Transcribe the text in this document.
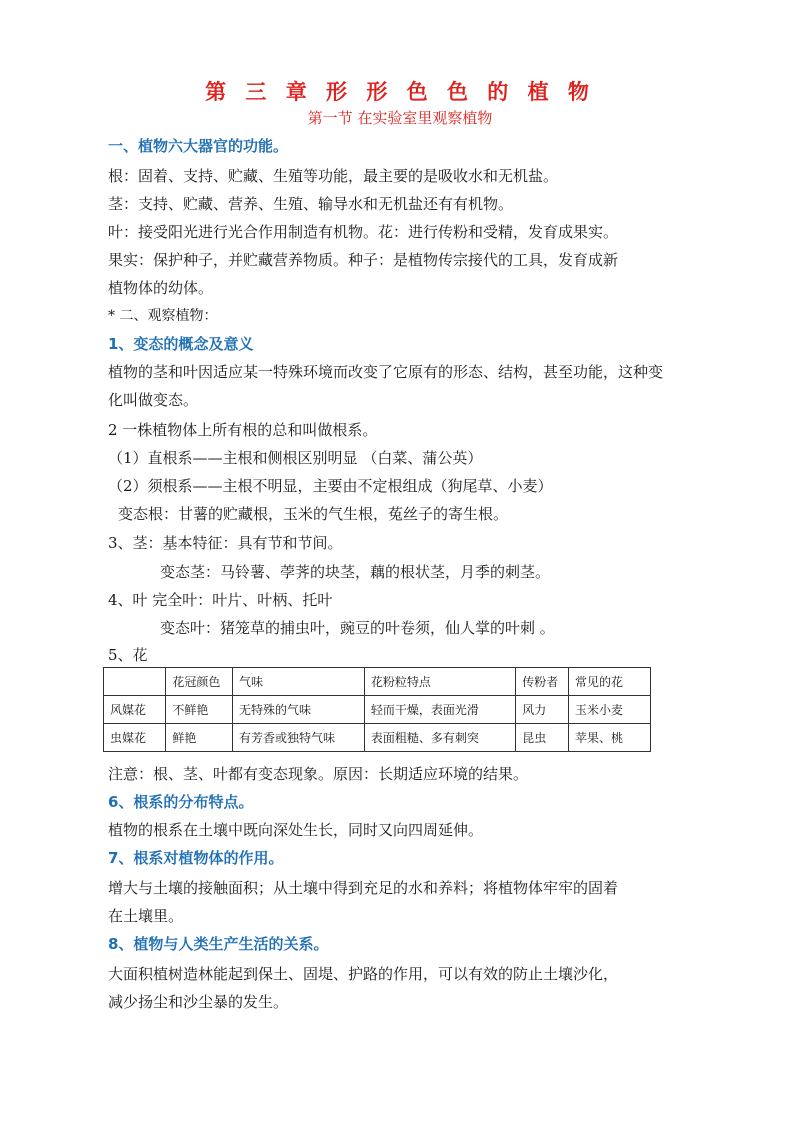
第 三 章 形 形 色 色 的 植 物

第一节 在实验室里观察植物

一、植物六大器官的功能。

根：固着、支持、贮藏、生殖等功能，最主要的是吸收水和无机盐。

茎：支持、贮藏、营养、生殖、输导水和无机盐还有有机物。

叶：接受阳光进行光合作用制造有机物。花：进行传粉和受精，发育成果实。

果实：保护种子，并贮藏营养物质。种子：是植物传宗接代的工具，发育成新

植物体的幼体。

* 二、观察植物：

1、变态的概念及意义

植物的茎和叶因适应某一特殊环境而改变了它原有的形态、结构，甚至功能，这种变

化叫做变态。

2 一株植物体上所有根的总和叫做根系。

（1）直根系——主根和侧根区别明显 （白菜、蒲公英）

（2）须根系——主根不明显，主要由不定根组成（狗尾草、小麦）

变态根：甘薯的贮藏根，玉米的气生根，菟丝子的寄生根。

3、茎：基本特征：具有节和节间。

变态茎：马铃薯、荸荠的块茎，藕的根状茎，月季的刺茎。

4、叶 完全叶：叶片、叶柄、托叶

变态叶：猪笼草的捕虫叶，豌豆的叶卷须，仙人掌的叶刺 。

5、花

	花冠颜色	气味	花粉粒特点	传粉者	常见的花
风媒花	不鲜艳	无特殊的气味	轻而干燥，表面光滑	风力	玉米小麦
虫媒花	鲜艳	有芳香或独特气味	表面粗糙、多有刺突	昆虫	苹果、桃

注意：根、茎、叶都有变态现象。原因：长期适应环境的结果。

6、根系的分布特点。

植物的根系在土壤中既向深处生长，同时又向四周延伸。

7、根系对植物体的作用。

增大与土壤的接触面积；从土壤中得到充足的水和养料；将植物体牢牢的固着

在土壤里。

8、植物与人类生产生活的关系。

大面积植树造林能起到保土、固堤、护路的作用，可以有效的防止土壤沙化，

减少扬尘和沙尘暴的发生。
